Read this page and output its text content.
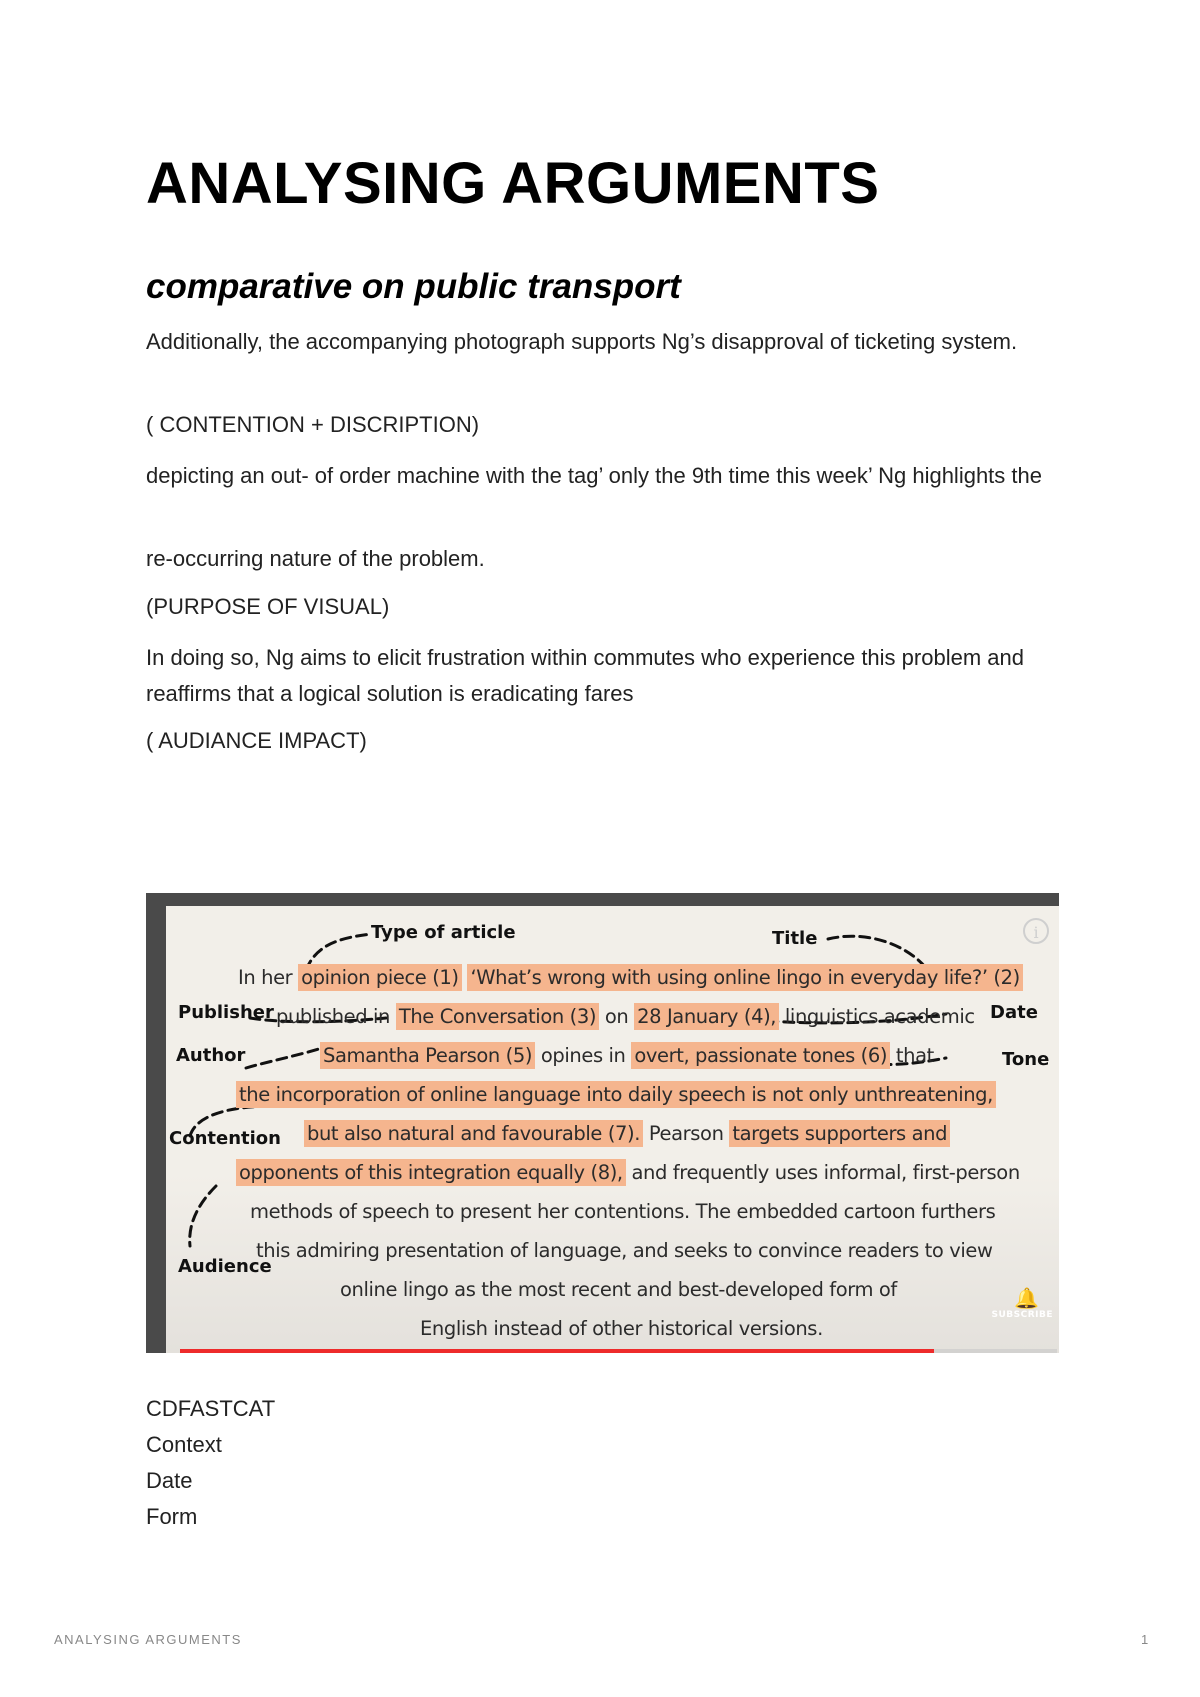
ANALYSING ARGUMENTS
comparative on public transport

Additionally, the accompanying photograph supports Ng’s disapproval of ticketing system.

( CONTENTION + DISCRIPTION)

depicting an out- of order machine with the tag’ only the 9th time this week’ Ng highlights the

re-occurring nature of the problem.

(PURPOSE OF VISUAL)

In doing so, Ng aims to elicit frustration within commutes who experience this problem and reaffirms that a logical solution is eradicating fares

( AUDIANCE IMPACT)

Type of article	Title
Publisher	Date
Author	Tone
Contention
Audience
In her opinion piece (1) ‘What’s wrong with using online lingo in everyday life?’ (2)
published in The Conversation (3) on 28 January (4), linguistics academic
Samantha Pearson (5) opines in overt, passionate tones (6) that
the incorporation of online language into daily speech is not only unthreatening,
but also natural and favourable (7). Pearson targets supporters and
opponents of this integration equally (8), and frequently uses informal, first-person
methods of speech to present her contentions. The embedded cartoon furthers
this admiring presentation of language, and seeks to convince readers to view
online lingo as the most recent and best-developed form of
English instead of other historical versions.
i
🔔
SUBSCRIBE
CDFASTCAT
Context
Date
Form
ANALYSING ARGUMENTS	1
